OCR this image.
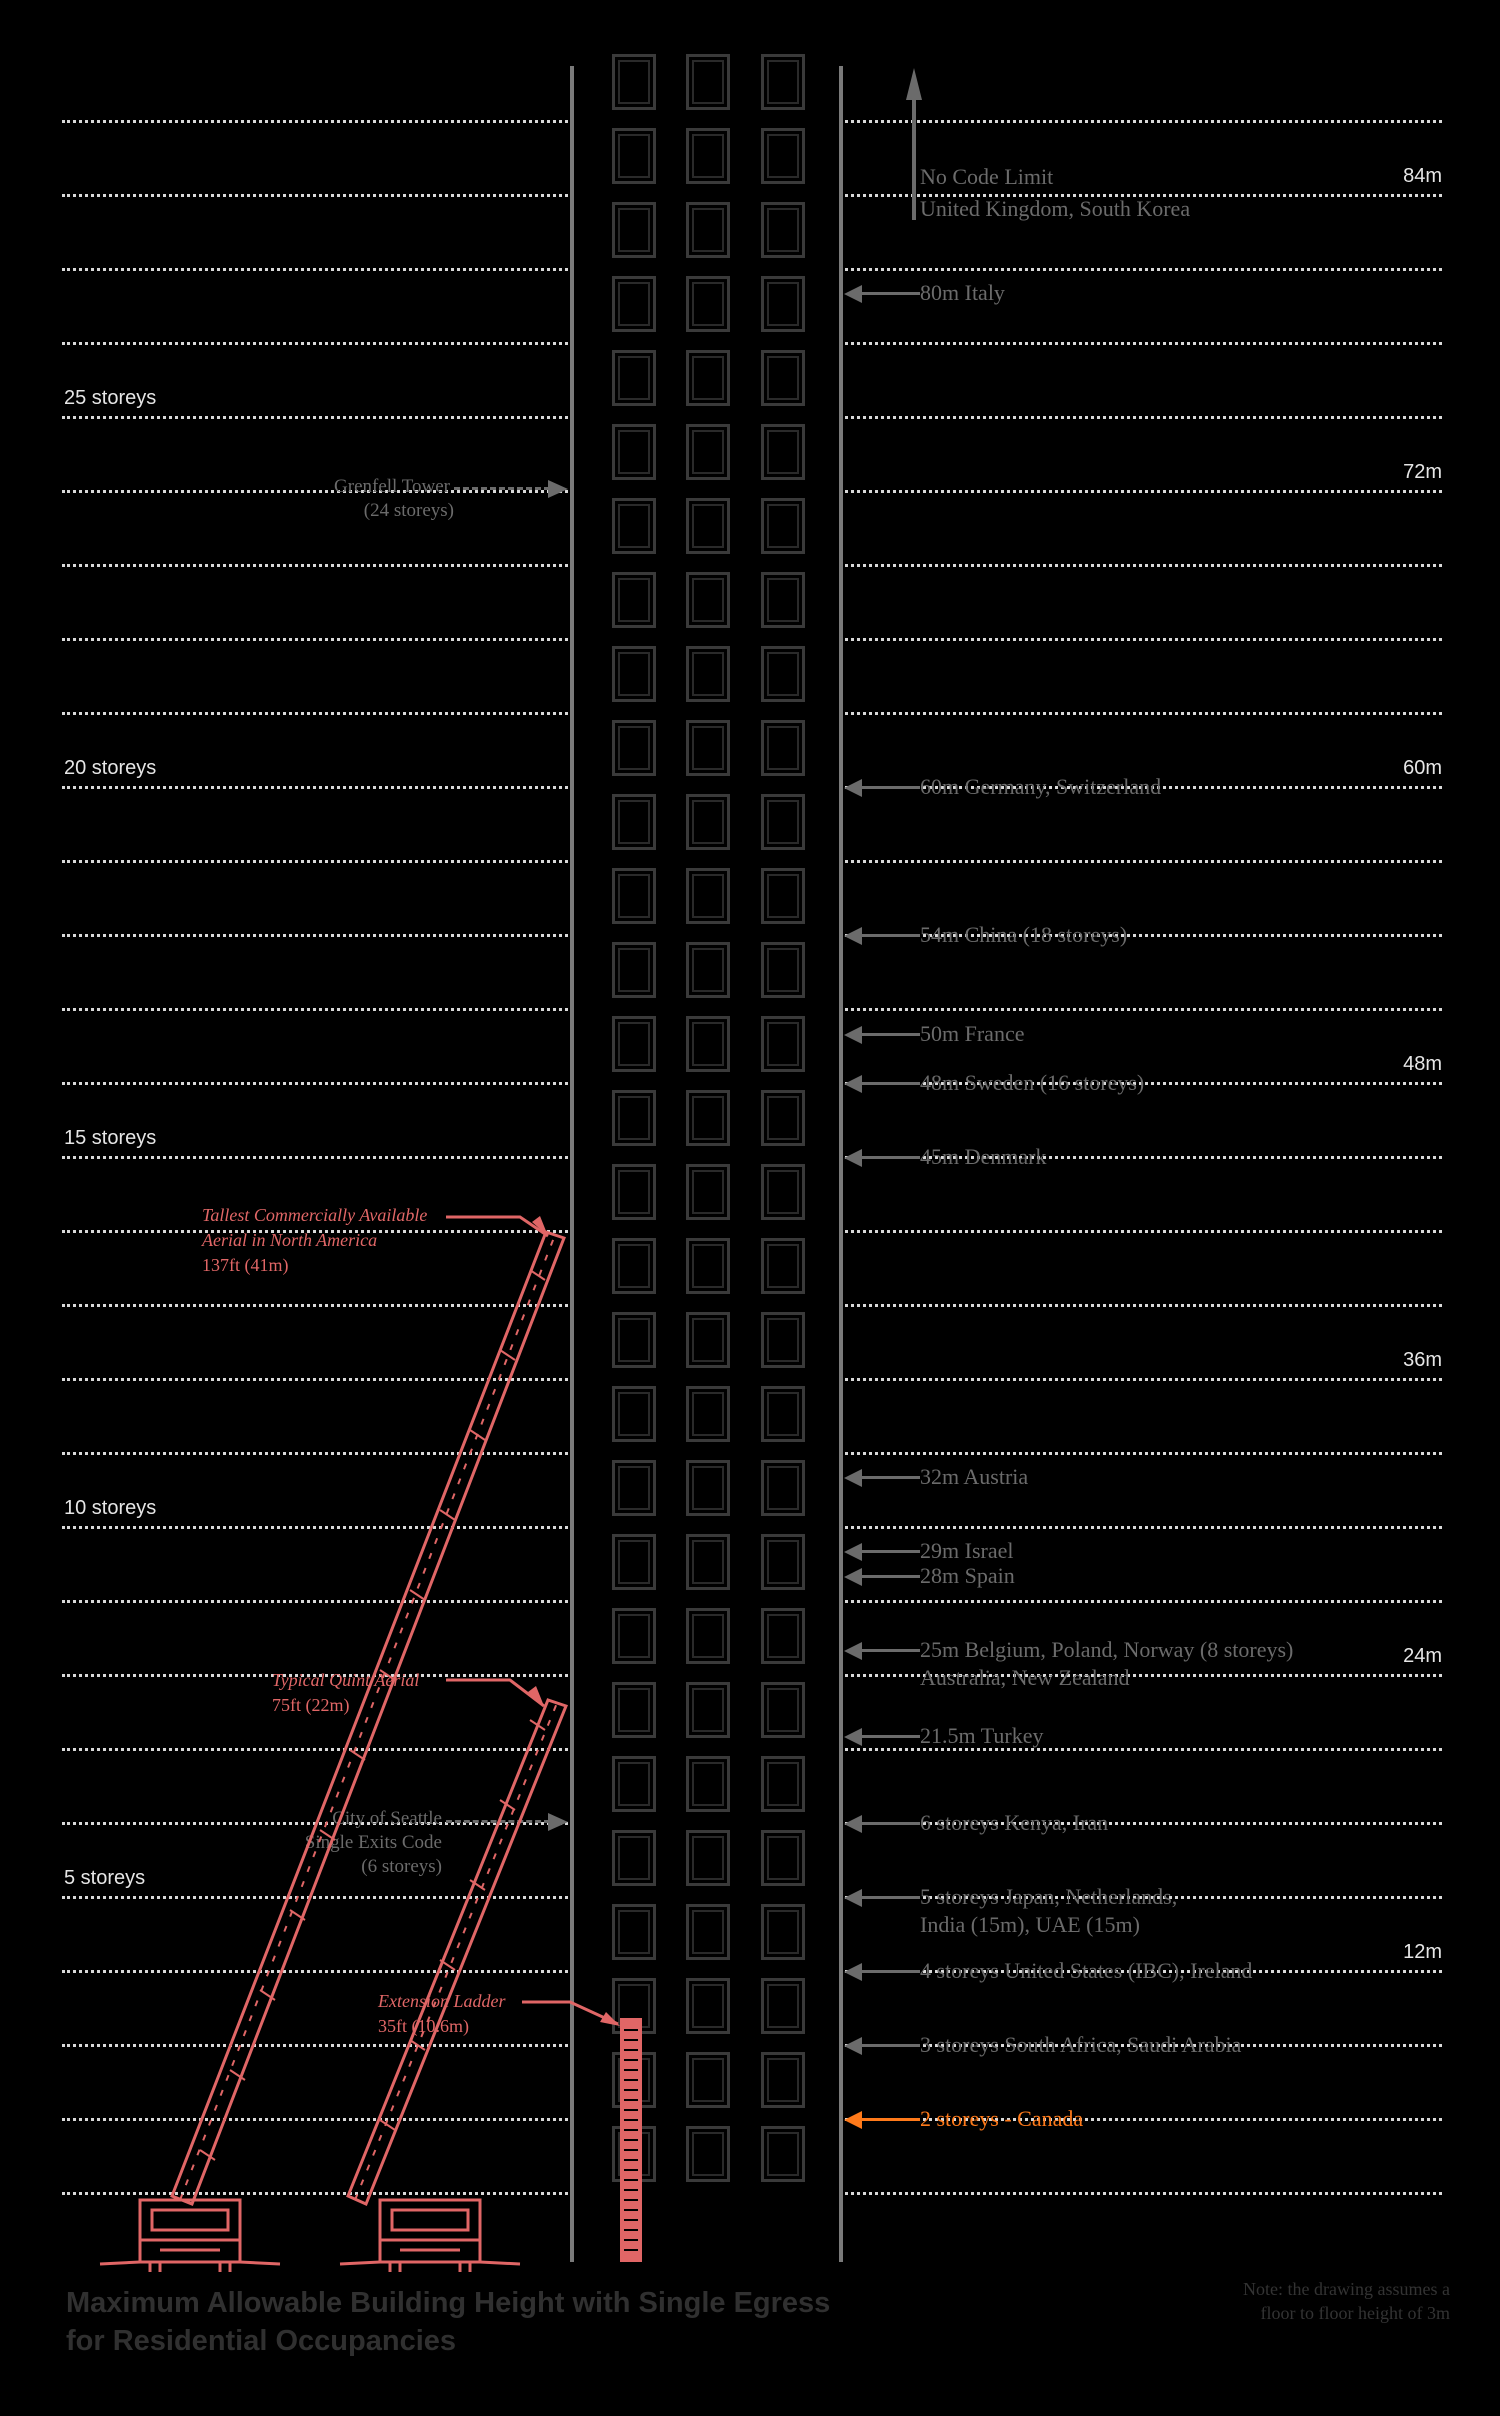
25 storeys
20 storeys
15 storeys
10 storeys
5 storeys
84m
72m
60m
48m
36m
24m
12m
No Code Limit
United Kingdom, South Korea
80m Italy
60m Germany, Switzerland
54m China (18 storeys)
50m France
48m Sweden (16 storeys)
45m Denmark
32m Austria
29m Israel
28m Spain
25m Belgium, Poland, Norway (8 storeys)
Australia, New Zealand
21.5m Turkey
6 storeys Kenya, Iran
5 storeys Japan, Netherlands,
India (15m), UAE (15m)
4 storeys United States (IBC), Ireland
3 storeys South Africa, Saudi Arabia
2 storeys - Canada
Grenfell Tower
(24 storeys)
City of Seattle
Single Exits Code
(6 storeys)
Tallest Commercially Available
Aerial in North America
137ft (41m)
Typical Quint Aerial
75ft (22m)
Extension Ladder
35ft (10.6m)
Maximum Allowable Building Height with Single Egress
for Residential Occupancies
Note: the drawing assumes a
floor to floor height of 3m
